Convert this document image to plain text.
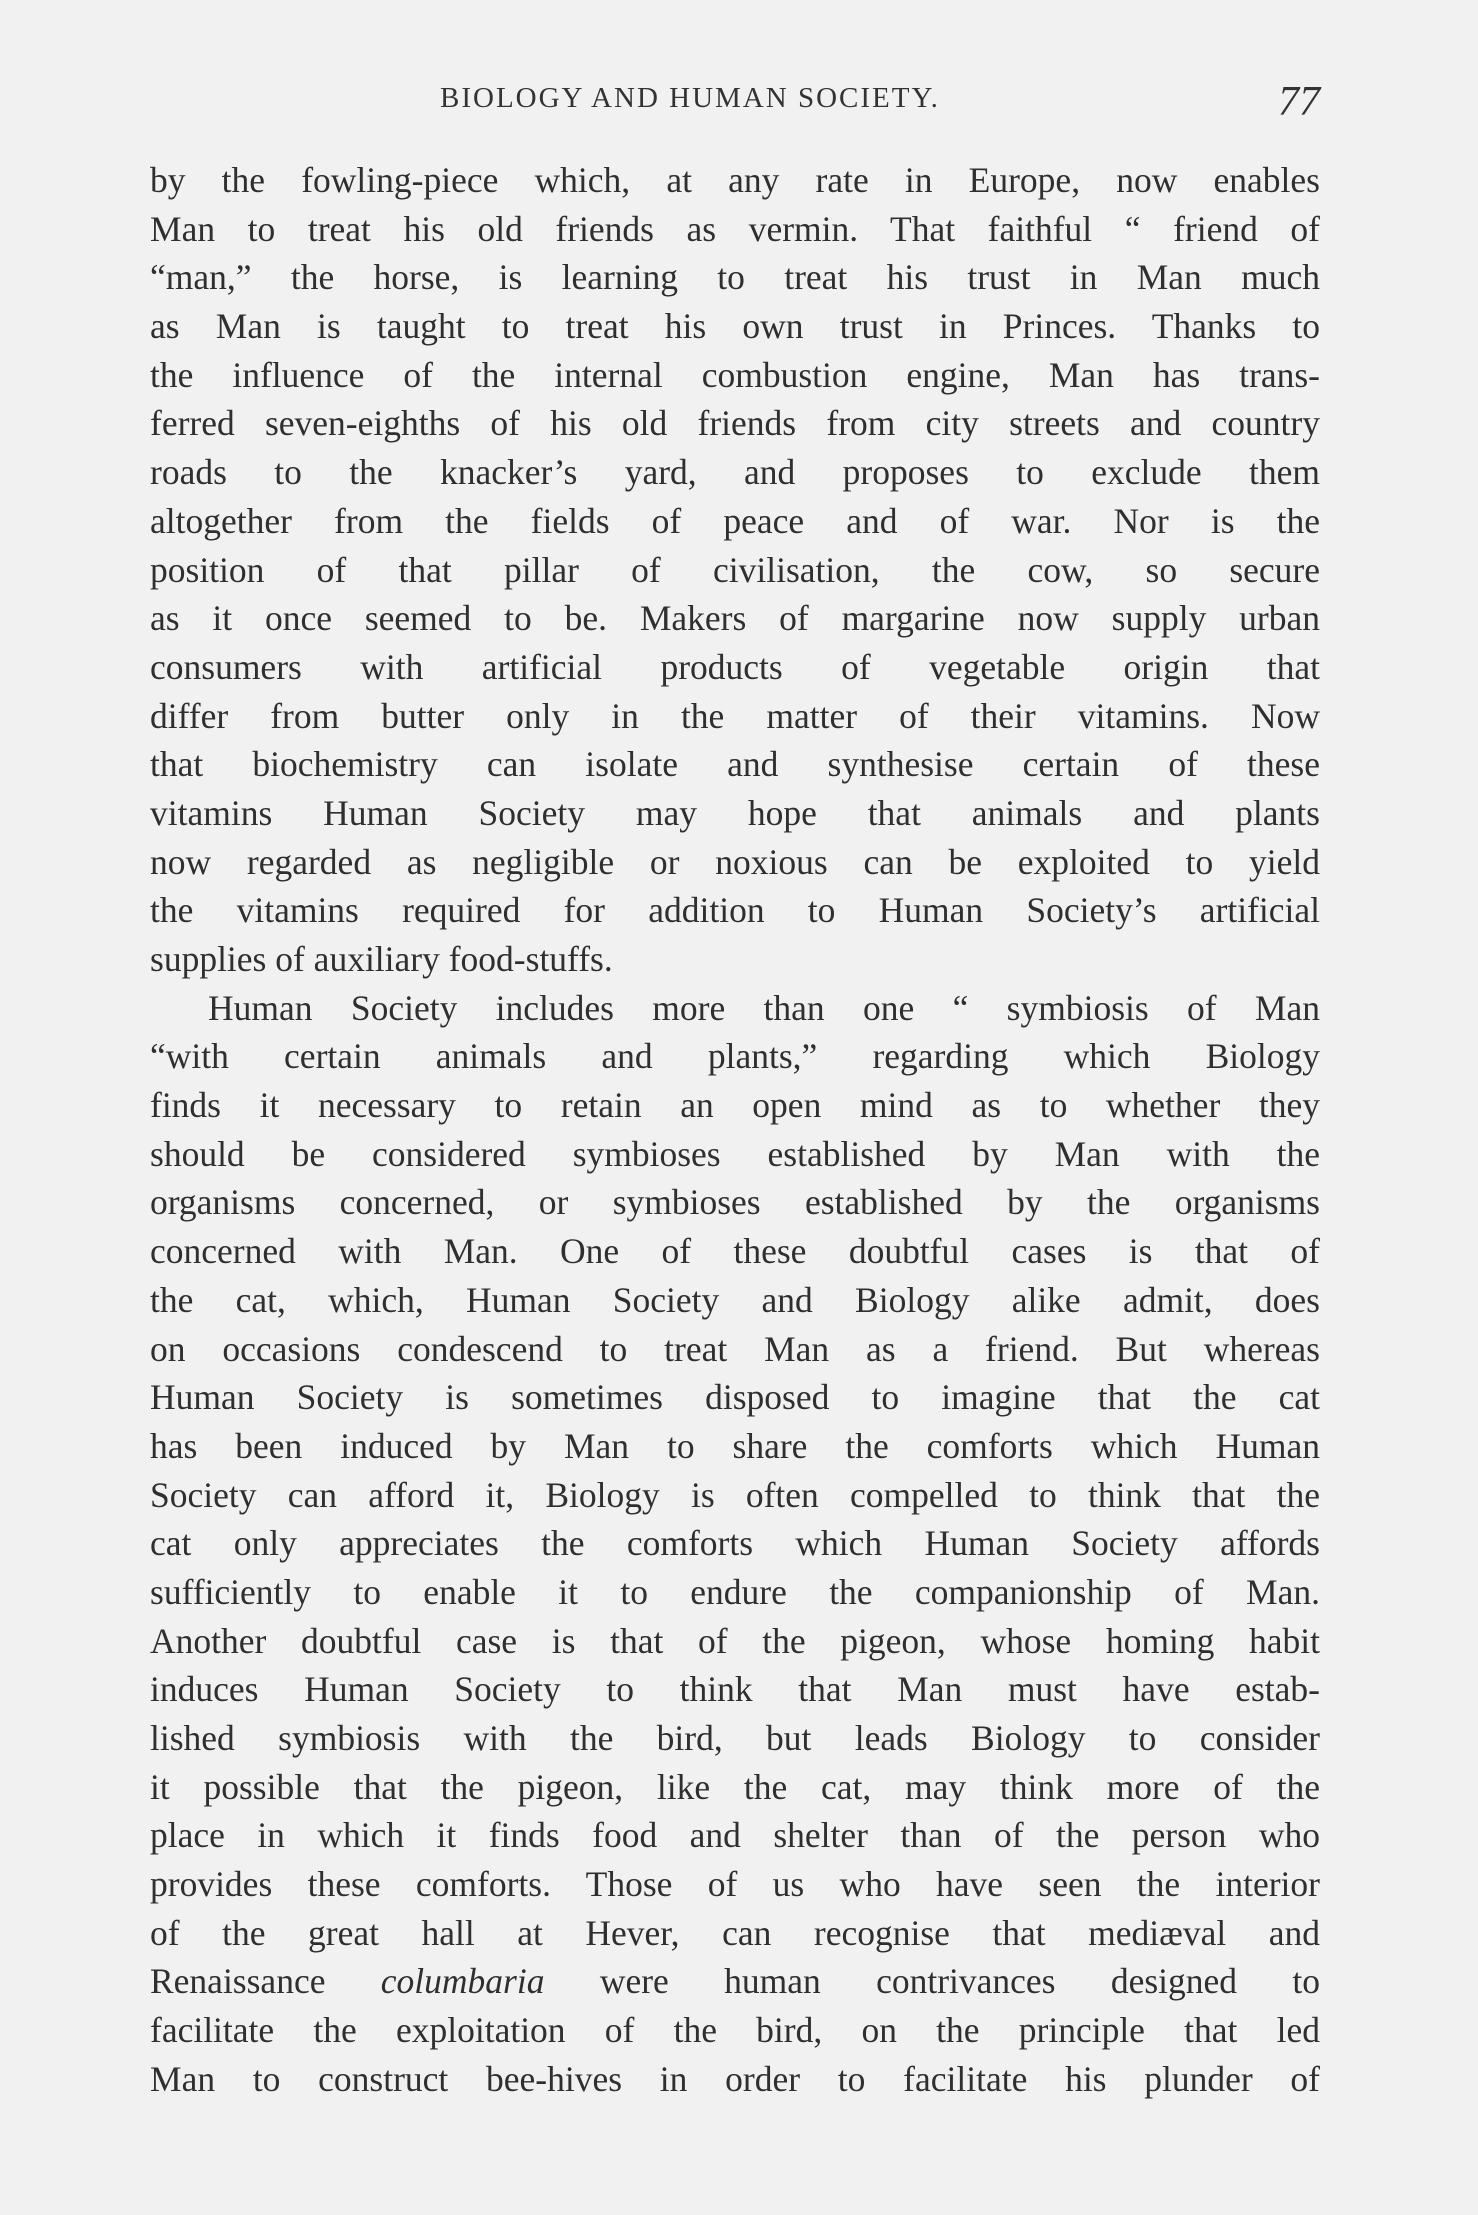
BIOLOGY AND HUMAN SOCIETY.	77
by the fowling-piece which, at any rate in Europe, now enables
Man to treat his old friends as vermin. That faithful “ friend of
“man,” the horse, is learning to treat his trust in Man much
as Man is taught to treat his own trust in Princes. Thanks to
the influence of the internal combustion engine, Man has trans-
ferred seven-eighths of his old friends from city streets and country
roads to the knacker’s yard, and proposes to exclude them
altogether from the fields of peace and of war. Nor is the
position of that pillar of civilisation, the cow, so secure
as it once seemed to be. Makers of margarine now supply urban
consumers with artificial products of vegetable origin that
differ from butter only in the matter of their vitamins. Now
that biochemistry can isolate and synthesise certain of these
vitamins Human Society may hope that animals and plants
now regarded as negligible or noxious can be exploited to yield
the vitamins required for addition to Human Society’s artificial
supplies of auxiliary food-stuffs.
Human Society includes more than one “ symbiosis of Man
“with certain animals and plants,” regarding which Biology
finds it necessary to retain an open mind as to whether they
should be considered symbioses established by Man with the
organisms concerned, or symbioses established by the organisms
concerned with Man. One of these doubtful cases is that of
the cat, which, Human Society and Biology alike admit, does
on occasions condescend to treat Man as a friend. But whereas
Human Society is sometimes disposed to imagine that the cat
has been induced by Man to share the comforts which Human
Society can afford it, Biology is often compelled to think that the
cat only appreciates the comforts which Human Society affords
sufficiently to enable it to endure the companionship of Man.
Another doubtful case is that of the pigeon, whose homing habit
induces Human Society to think that Man must have estab-
lished symbiosis with the bird, but leads Biology to consider
it possible that the pigeon, like the cat, may think more of the
place in which it finds food and shelter than of the person who
provides these comforts. Those of us who have seen the interior
of the great hall at Hever, can recognise that mediæval and
Renaissance columbaria were human contrivances designed to
facilitate the exploitation of the bird, on the principle that led
Man to construct bee-hives in order to facilitate his plunder of
